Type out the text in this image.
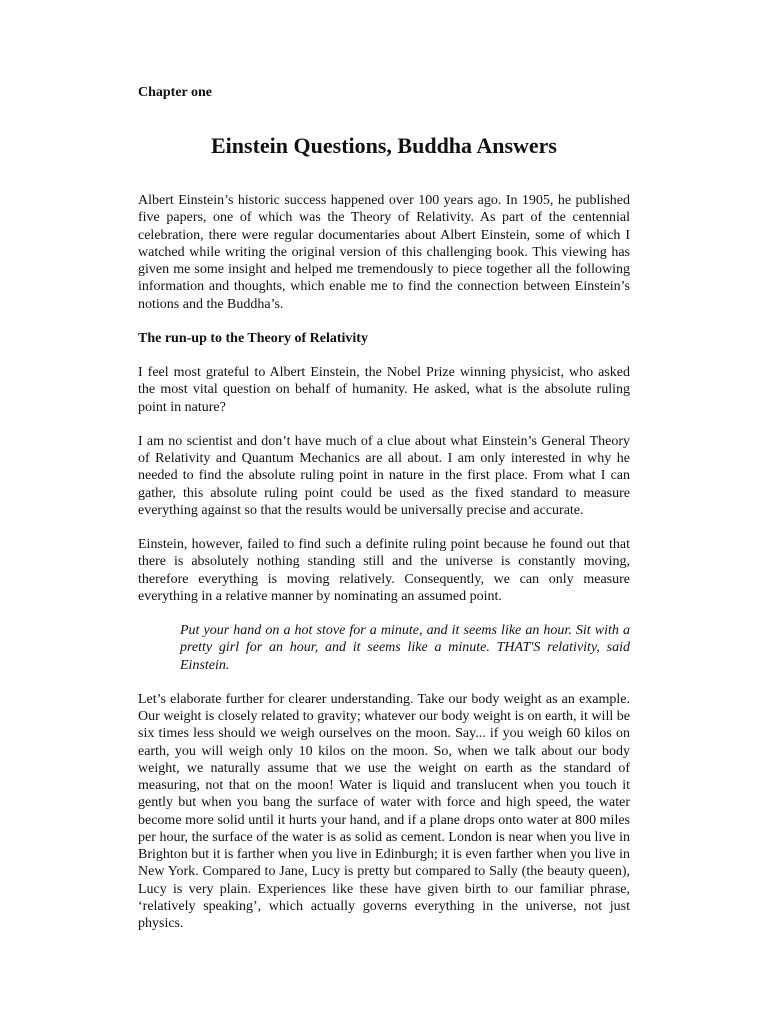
Chapter one

Einstein Questions, Buddha Answers

Albert Einstein’s historic success happened over 100 years ago. In 1905, he published five papers, one of which was the Theory of Relativity. As part of the centennial celebration, there were regular documentaries about Albert Einstein, some of which I watched while writing the original version of this challenging book. This viewing has given me some insight and helped me tremendously to piece together all the following information and thoughts, which enable me to find the connection between Einstein’s notions and the Buddha’s.

The run-up to the Theory of Relativity

I feel most grateful to Albert Einstein, the Nobel Prize winning physicist, who asked the most vital question on behalf of humanity. He asked, what is the absolute ruling point in nature?

I am no scientist and don’t have much of a clue about what Einstein’s General Theory of Relativity and Quantum Mechanics are all about. I am only interested in why he needed to find the absolute ruling point in nature in the first place. From what I can gather, this absolute ruling point could be used as the fixed standard to measure everything against so that the results would be universally precise and accurate.

Einstein, however, failed to find such a definite ruling point because he found out that there is absolutely nothing standing still and the universe is constantly moving, therefore everything is moving relatively. Consequently, we can only measure everything in a relative manner by nominating an assumed point.

Put your hand on a hot stove for a minute, and it seems like an hour. Sit with a pretty girl for an hour, and it seems like a minute. THAT'S relativity, said Einstein.

Let’s elaborate further for clearer understanding. Take our body weight as an example. Our weight is closely related to gravity; whatever our body weight is on earth, it will be six times less should we weigh ourselves on the moon. Say... if you weigh 60 kilos on earth, you will weigh only 10 kilos on the moon. So, when we talk about our body weight, we naturally assume that we use the weight on earth as the standard of measuring, not that on the moon! Water is liquid and translucent when you touch it gently but when you bang the surface of water with force and high speed, the water become more solid until it hurts your hand, and if a plane drops onto water at 800 miles per hour, the surface of the water is as solid as cement. London is near when you live in Brighton but it is farther when you live in Edinburgh; it is even farther when you live in New York. Compared to Jane, Lucy is pretty but compared to Sally (the beauty queen), Lucy is very plain. Experiences like these have given birth to our familiar phrase, ‘relatively speaking’, which actually governs everything in the universe, not just physics.
